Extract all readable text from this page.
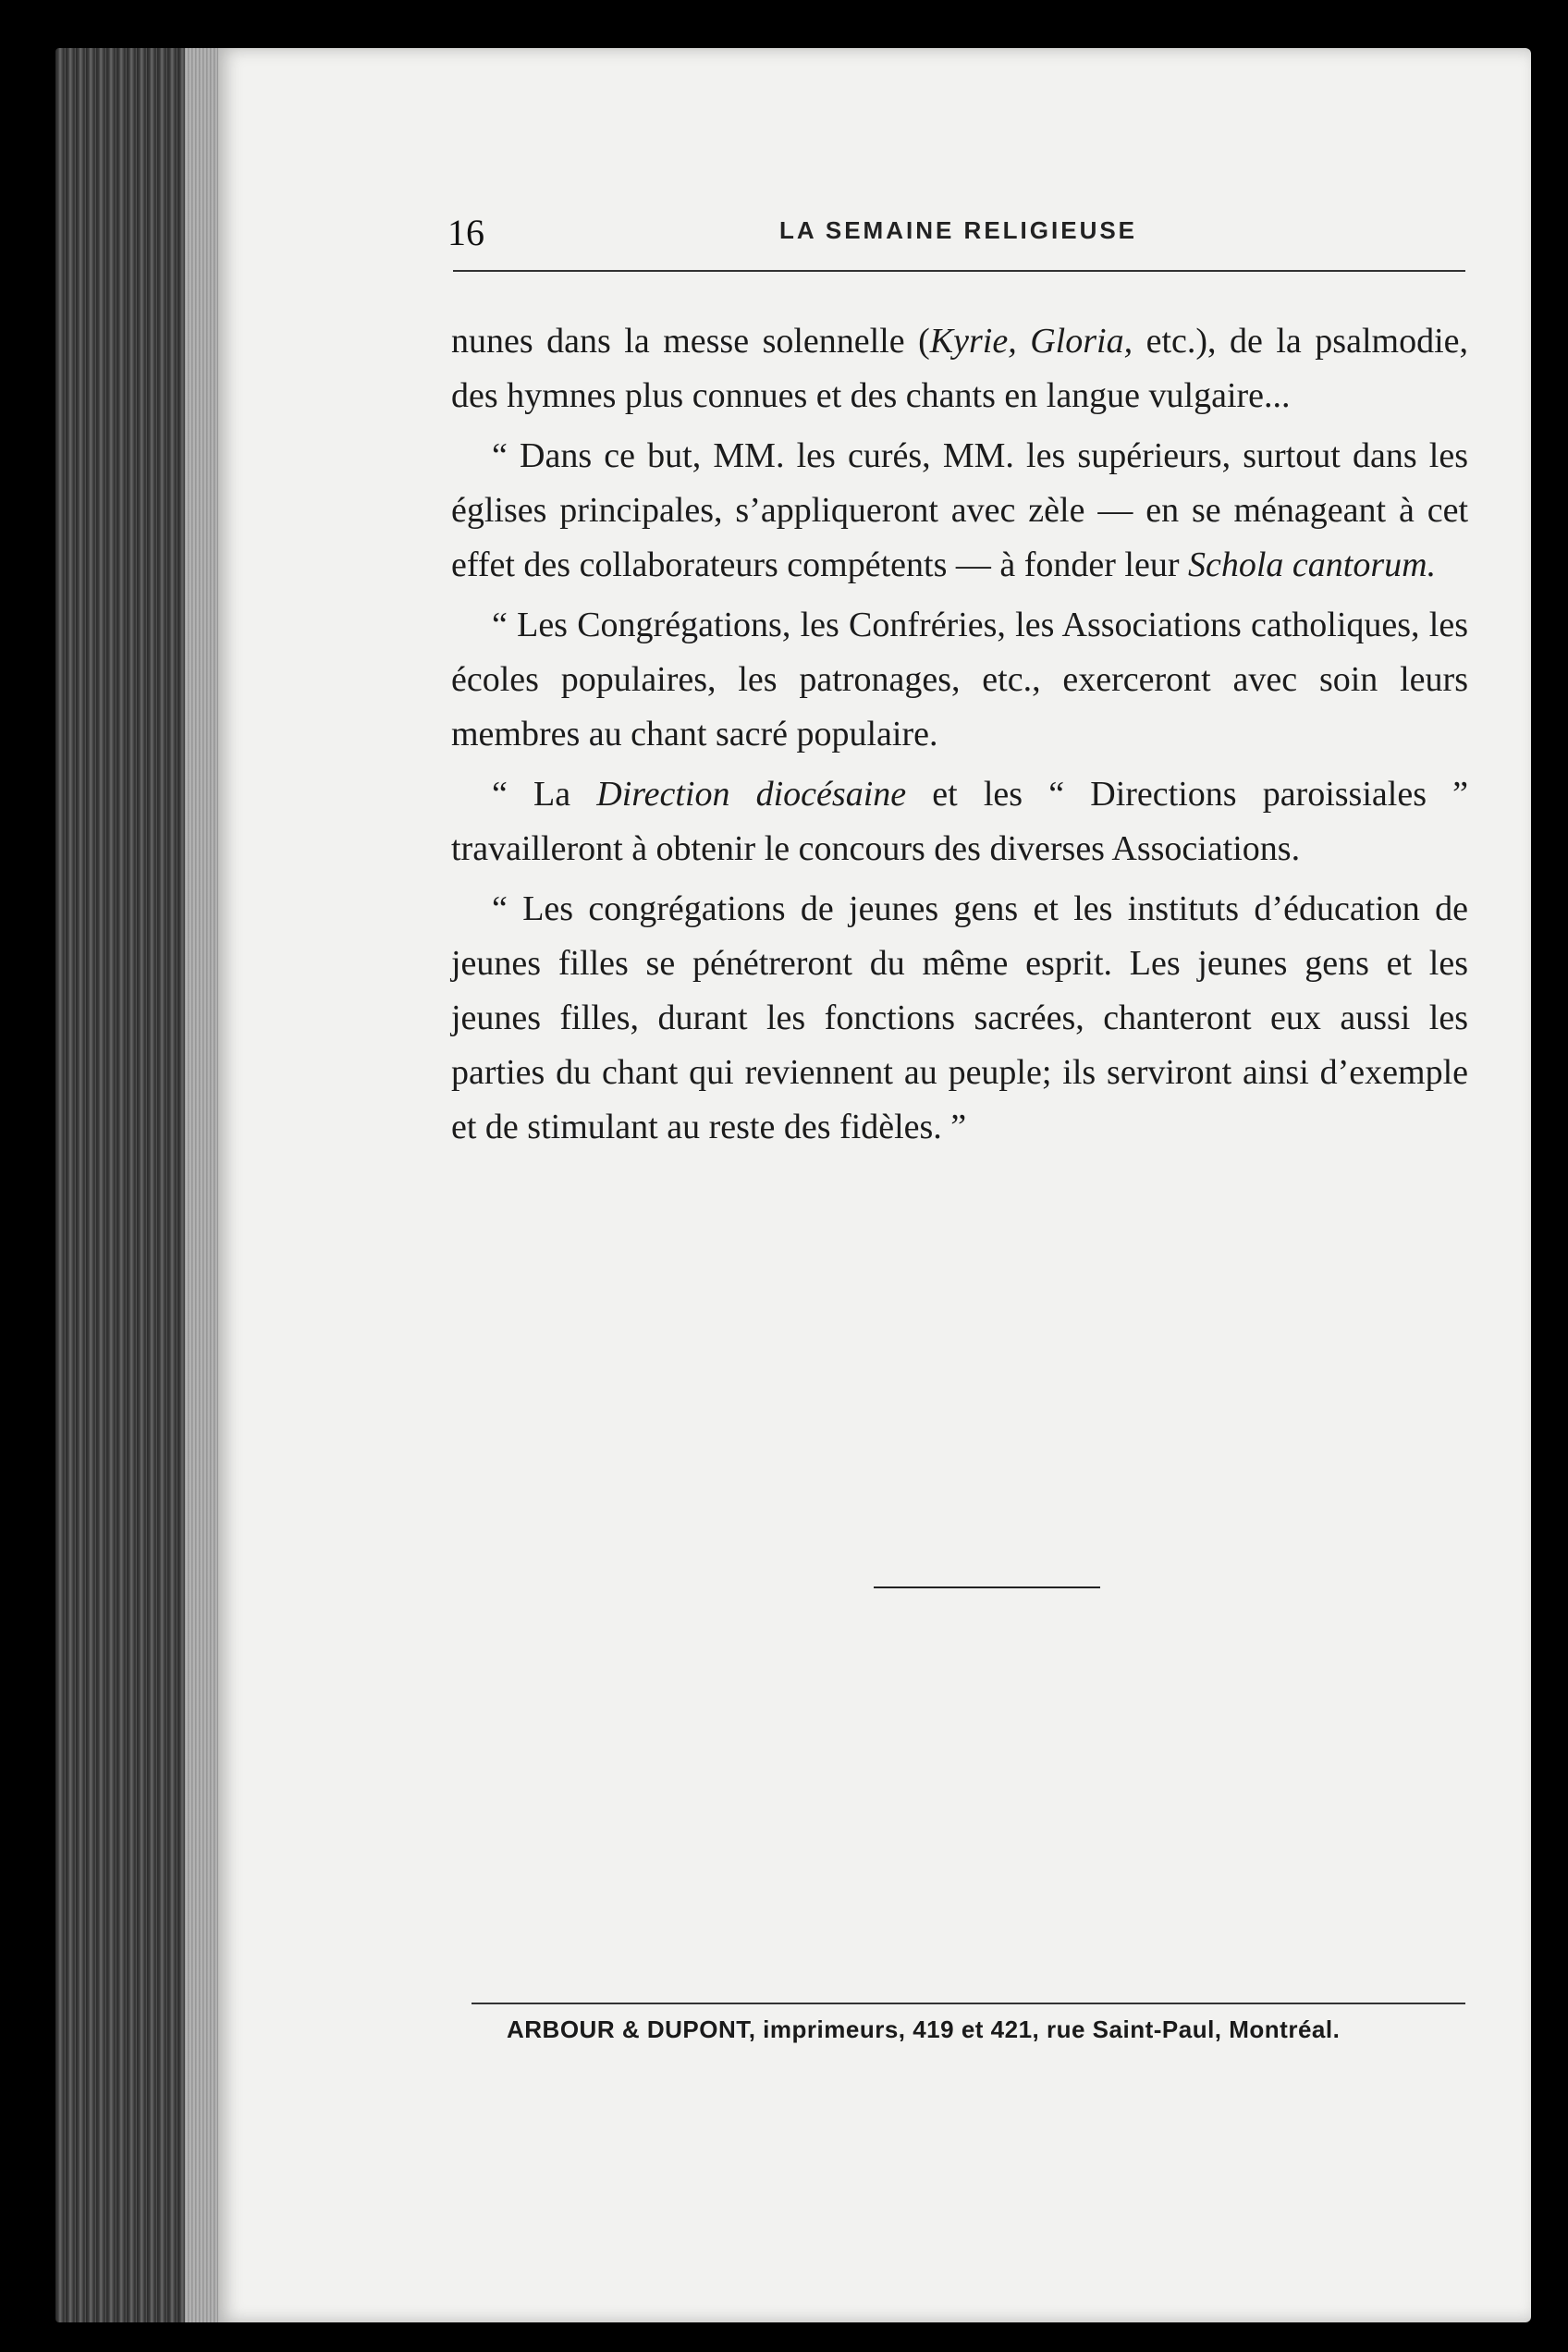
16	LA SEMAINE RELIGIEUSE

nunes dans la messe solennelle (Kyrie, Gloria, etc.), de la psalmodie, des hymnes plus connues et des chants en langue vulgaire...

“ Dans ce but, MM. les curés, MM. les supérieurs, surtout dans les églises principales, s’appliqueront avec zèle — en se ménageant à cet effet des collaborateurs compétents — à fonder leur Schola cantorum.

“ Les Congrégations, les Confréries, les Associations catholiques, les écoles populaires, les patronages, etc., exerceront avec soin leurs membres au chant sacré populaire.

“ La Direction diocésaine et les “ Directions paroissiales ” travailleront à obtenir le concours des diverses Associations.

“ Les congrégations de jeunes gens et les instituts d’éducation de jeunes filles se pénétreront du même esprit. Les jeunes gens et les jeunes filles, durant les fonctions sacrées, chanteront eux aussi les parties du chant qui reviennent au peuple; ils serviront ainsi d’exemple et de stimulant au reste des fidèles. ”

ARBOUR & DUPONT, imprimeurs, 419 et 421, rue Saint-Paul, Montréal.
